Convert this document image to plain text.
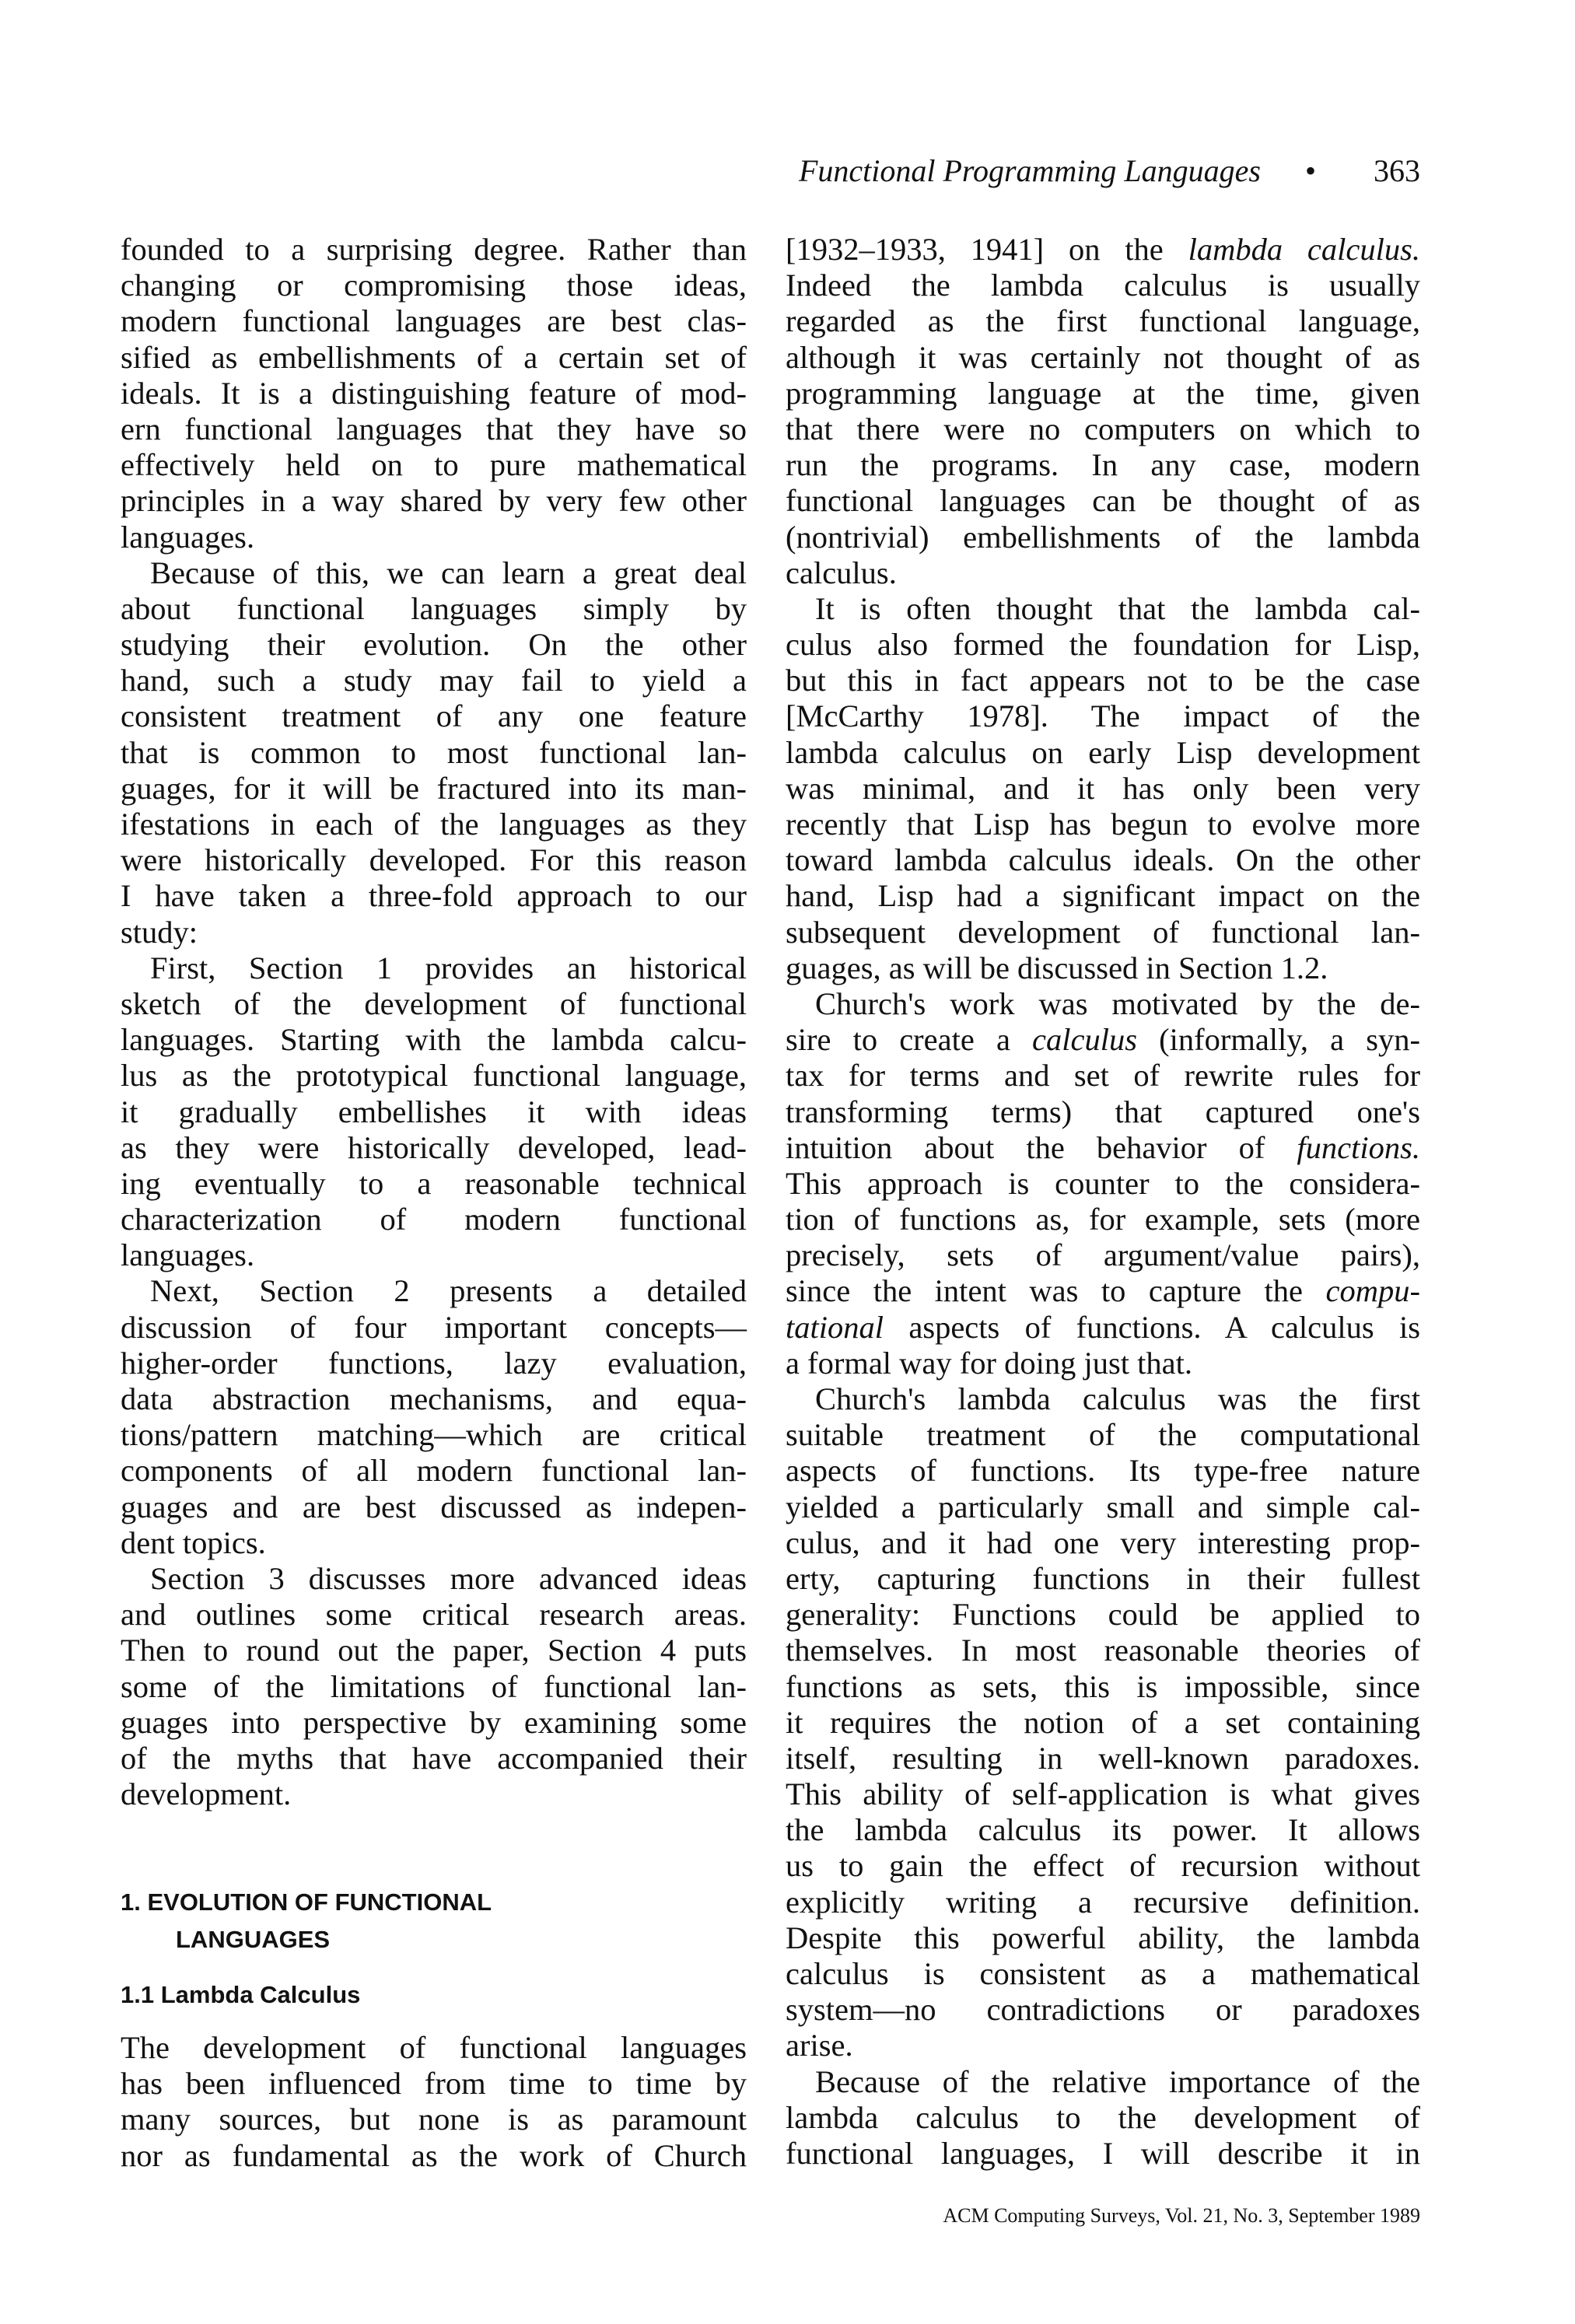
Functional Programming Languages • 363
founded to a surprising degree. Rather than
changing or compromising those ideas,
modern functional languages are best clas-
sified as embellishments of a certain set of
ideals. It is a distinguishing feature of mod-
ern functional languages that they have so
effectively held on to pure mathematical
principles in a way shared by very few other
languages.
Because of this, we can learn a great deal
about functional languages simply by
studying their evolution. On the other
hand, such a study may fail to yield a
consistent treatment of any one feature
that is common to most functional lan-
guages, for it will be fractured into its man-
ifestations in each of the languages as they
were historically developed. For this reason
I have taken a three-fold approach to our
study:
First, Section 1 provides an historical
sketch of the development of functional
languages. Starting with the lambda calcu-
lus as the prototypical functional language,
it gradually embellishes it with ideas
as they were historically developed, lead-
ing eventually to a reasonable technical
characterization of modern functional
languages.
Next, Section 2 presents a detailed
discussion of four important concepts—
higher-order functions, lazy evaluation,
data abstraction mechanisms, and equa-
tions/pattern matching—which are critical
components of all modern functional lan-
guages and are best discussed as indepen-
dent topics.
Section 3 discusses more advanced ideas
and outlines some critical research areas.
Then to round out the paper, Section 4 puts
some of the limitations of functional lan-
guages into perspective by examining some
of the myths that have accompanied their
development.
1. EVOLUTION OF FUNCTIONAL
LANGUAGES
1.1 Lambda Calculus
The development of functional languages
has been influenced from time to time by
many sources, but none is as paramount
nor as fundamental as the work of Church
[1932–1933, 1941] on the lambda calculus.
Indeed the lambda calculus is usually
regarded as the first functional language,
although it was certainly not thought of as
programming language at the time, given
that there were no computers on which to
run the programs. In any case, modern
functional languages can be thought of as
(nontrivial) embellishments of the lambda
calculus.
It is often thought that the lambda cal-
culus also formed the foundation for Lisp,
but this in fact appears not to be the case
[McCarthy 1978]. The impact of the
lambda calculus on early Lisp development
was minimal, and it has only been very
recently that Lisp has begun to evolve more
toward lambda calculus ideals. On the other
hand, Lisp had a significant impact on the
subsequent development of functional lan-
guages, as will be discussed in Section 1.2.
Church's work was motivated by the de-
sire to create a calculus (informally, a syn-
tax for terms and set of rewrite rules for
transforming terms) that captured one's
intuition about the behavior of functions.
This approach is counter to the considera-
tion of functions as, for example, sets (more
precisely, sets of argument/value pairs),
since the intent was to capture the compu-
tational aspects of functions. A calculus is
a formal way for doing just that.
Church's lambda calculus was the first
suitable treatment of the computational
aspects of functions. Its type-free nature
yielded a particularly small and simple cal-
culus, and it had one very interesting prop-
erty, capturing functions in their fullest
generality: Functions could be applied to
themselves. In most reasonable theories of
functions as sets, this is impossible, since
it requires the notion of a set containing
itself, resulting in well-known paradoxes.
This ability of self-application is what gives
the lambda calculus its power. It allows
us to gain the effect of recursion without
explicitly writing a recursive definition.
Despite this powerful ability, the lambda
calculus is consistent as a mathematical
system—no contradictions or paradoxes
arise.
Because of the relative importance of the
lambda calculus to the development of
functional languages, I will describe it in
ACM Computing Surveys, Vol. 21, No. 3, September 1989
